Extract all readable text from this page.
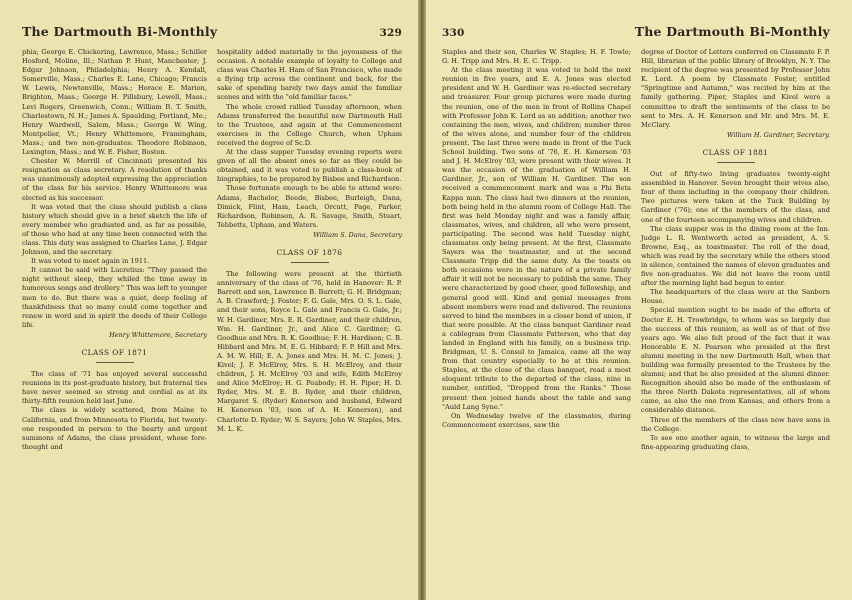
The Dartmouth Bi-Monthly	329

phia; George E. Chickering, Lawrence, Mass.; Schiller Hosford, Moline, Ill.; Nathan P. Hunt, Manchester; J. Edgar Johnson, Philadelphia; Henry A. Kendall, Somerville, Mass.; Charles E. Lane, Chicago; Francis W. Lewis, Newtonville, Mass.; Horace E. Marion, Brighton, Mass.; George H. Pillsbury, Lowell, Mass.; Levi Rogers, Greenwich, Conn.; William B. T. Smith, Charlestown, N. H.; James A. Spaulding, Portland, Me.; Henry Wardwell, Salem, Mass.; George W. Wing, Montpelier, Vt.; Henry Whittemore, Framingham, Mass.; and two non-graduates: Theodore Robinson, Lexington, Mass.; and W. E. Fisher, Boston.

Chester W. Merrill of Cincinnati presented his resignation as class secretary. A resolution of thanks was unanimously adopted expressing the appreciation of the class for his service. Henry Whittemore was elected as his successor.

It was voted that the class should publish a class history which should give in a brief sketch the life of every member who graduated and, as far as possible, of those who had at any time been connected with the class. This duty was assigned to Charles Lane, J. Edgar Johnson, and the secretary.

It was voted to meet again in 1911.

It cannot be said with Lucretius: "They passed the night without sleep, they whiled the time away in humorous songs and drollery." This was left to younger men to do. But there was a quiet, deep feeling of thankfulness that so many could come together and renew in word and in spirit the deeds of their College life.

Henry Whittemore, Secretary
CLASS OF 1871

The class of '71 has enjoyed several successful reunions in its post-graduate history, but fraternal ties have never seemed so strong and cordial as at its thirty-fifth reunion held last June.

The class is widely scattered, from Maine to California, and from Minnesota to Florida, but twenty-one responded in person to the hearty and urgent summons of Adams, the class president, whose fore-thought and

hospitality added materially to the joyousness of the occasion. A notable example of loyalty to College and class was Charles H. Ham of San Francisco, who made a flying trip across the continent and back, for the sake of spending barely two days amid the familiar scenes and with the "old familiar faces."

The whole crowd rallied Tuesday afternoon, when Adams transferred the beautiful new Dartmouth Hall to the Trustees, and again at the Commencement exercises in the College Church, when Upham received the degree of Sc.D.

At the class supper Tuesday evening reports were given of all the absent ones so far as they could be obtained, and it was voted to publish a class-book of biographies, to be prepared by Bisbee and Richardson.

Those fortunate enough to be able to attend were: Adams, Bachelor, Beede, Bisbee, Burleigh, Dana, Dimick, Flint, Ham, Leach, Orcutt, Page, Parker, Richardson, Robinson, A. R. Savage, Smith, Stuart, Tebbetts, Upham, and Waters.

William S. Dana, Secretary
CLASS OF 1876

The following were present at the thirtieth anniversary of the class of '76, held in Hanover: R. P. Barrett and son, Lawrence B. Barrett; G. H. Bridgman; A. B. Crawford; J. Foster; F. G. Gale, Mrs. O. S. L. Gale, and their sons, Royce L. Gale and Francis G. Gale, Jr.; W. H. Gardiner, Mrs. E. R. Gardiner, and their children, Wm. H. Gardiner, Jr., and Alice C. Gardiner; G. Goodhue and Mrs. R. K. Goodhue; F. H. Hardison; C. B. Hibbard and Mrs. M. E. G. Hibbard; F. P. Hill and Mrs. A. M. W. Hill; E. A. Jones and Mrs. H. M. C. Jones; J. Kivel; J. F. McElroy, Mrs. S. H. McElroy, and their children, J. H. McElroy '03 and wife, Edith McElroy and Alice McElroy; H. G. Peabody; H. H. Piper; H. D. Ryder, Mrs. M. E. B. Ryder, and their children, Margaret S. (Ryder) Kenerson and husband, Edward H. Kenerson '03, (son of A. H. Kenerson), and Charlotte D. Ryder; W. S. Sayers; John W. Staples, Mrs. M. L. K.

330	The Dartmouth Bi-Monthly

Staples and their son, Charles W. Staples; H. F. Towle; G. H. Tripp and Mrs. H. E. C. Tripp.

At the class meeting it was voted to hold the next reunion in five years, and E. A. Jones was elected president and W. H. Gardiner was re-elected secretary and treasurer. Four group pictures were made during the reunion, one of the men in front of Rollins Chapel with Professor John K. Lord as an addition; another two containing the men, wives, and children; number three of the wives alone, and number four of the children present. The last three were made in front of the Tuck School building. Two sons of '76, E. H. Kenerson '03 and J. H. McElroy '03, were present with their wives. It was the occasion of the graduation of William H. Gardiner, Jr., son of William H. Gardiner. The son received a commencement mark and was a Phi Beta Kappa man. The class had two dinners at the reunion, both being held in the alumni room of College Hall. The first was held Monday night and was a family affair, classmates, wives, and children, all who were present, participating. The second was held Tuesday night, classmates only being present. At the first, Classmate Sayers was the toastmaster, and at the second Classmate Tripp did the same duty. As the toasts on both occasions were in the nature of a private family affair it will not be necessary to publish the same. They were characterized by good cheer, good fellowship, and general good will. Kind and genial messages from absent members were read and delivered. The reunions served to bind the members in a closer bond of union, if that were possible. At the class banquet Gardiner read a cablegram from Classmate Patterson, who that day landed in England with his family, on a business trip. Bridgman, U. S. Consul to Jamaica, came all the way from that country especially to be at this reunion. Staples, at the close of the class banquet, read a most eloquent tribute to the departed of the class, nine in number, entitled, "Dropped from the Ranks." Those present then joined hands about the table and sang "Auld Lang Syne."

On Wednesday twelve of the classmates, during Commencement exercises, saw the

degree of Doctor of Letters conferred on Classmate F. P. Hill, librarian of the public library of Brooklyn, N. Y. The recipient of the degree was presented by Professor John K. Lord. A poem by Classmate Foster, entitled "Springtime and Autumn," was recited by him at the family gathering. Piper, Staples and Kivel were a committee to draft the sentiments of the class to be sent to Mrs. A. H. Kenerson and Mr. and Mrs. M. E. McClary.

William H. Gardiner, Secretary.
CLASS OF 1881

Out of fifty-two living graduates twenty-eight assembled in Hanover. Seven brought their wives also, four of them including in the company their children. Two pictures were taken at the Tuck Building by Gardiner ('76); one of the members of the class, and one of the fourteen accompanying wives and children.

The class supper was in the dining room at the Inn. Judge L. R. Wentworth acted as president, A. S. Browne, Esq., as toastmaster. The roll of the dead, which was read by the secretary while the others stood in silence, contained the names of eleven graduates and five non-graduates. We did not leave the room until after the morning light had begun to enter.

The headquarters of the class were at the Sanborn House.

Special mention ought to be made of the efforts of Doctor E. H. Trowbridge, to whom was so largely due the success of this reunion, as well as of that of five years ago. We also felt proud of the fact that it was Honorable E. N. Pearson who presided at the first alumni meeting in the new Dartmouth Hall, when that building was formally presented to the Trustees by the alumni; and that he also presided at the alumni dinner. Recognition should also be made of the enthusiasm of the three North Dakota representatives, all of whom came, as also the one from Kansas, and others from a considerable distance.

Three of the members of the class now have sons in the College.

To see one another again, to witness the large and fine-appearing graduating class,
